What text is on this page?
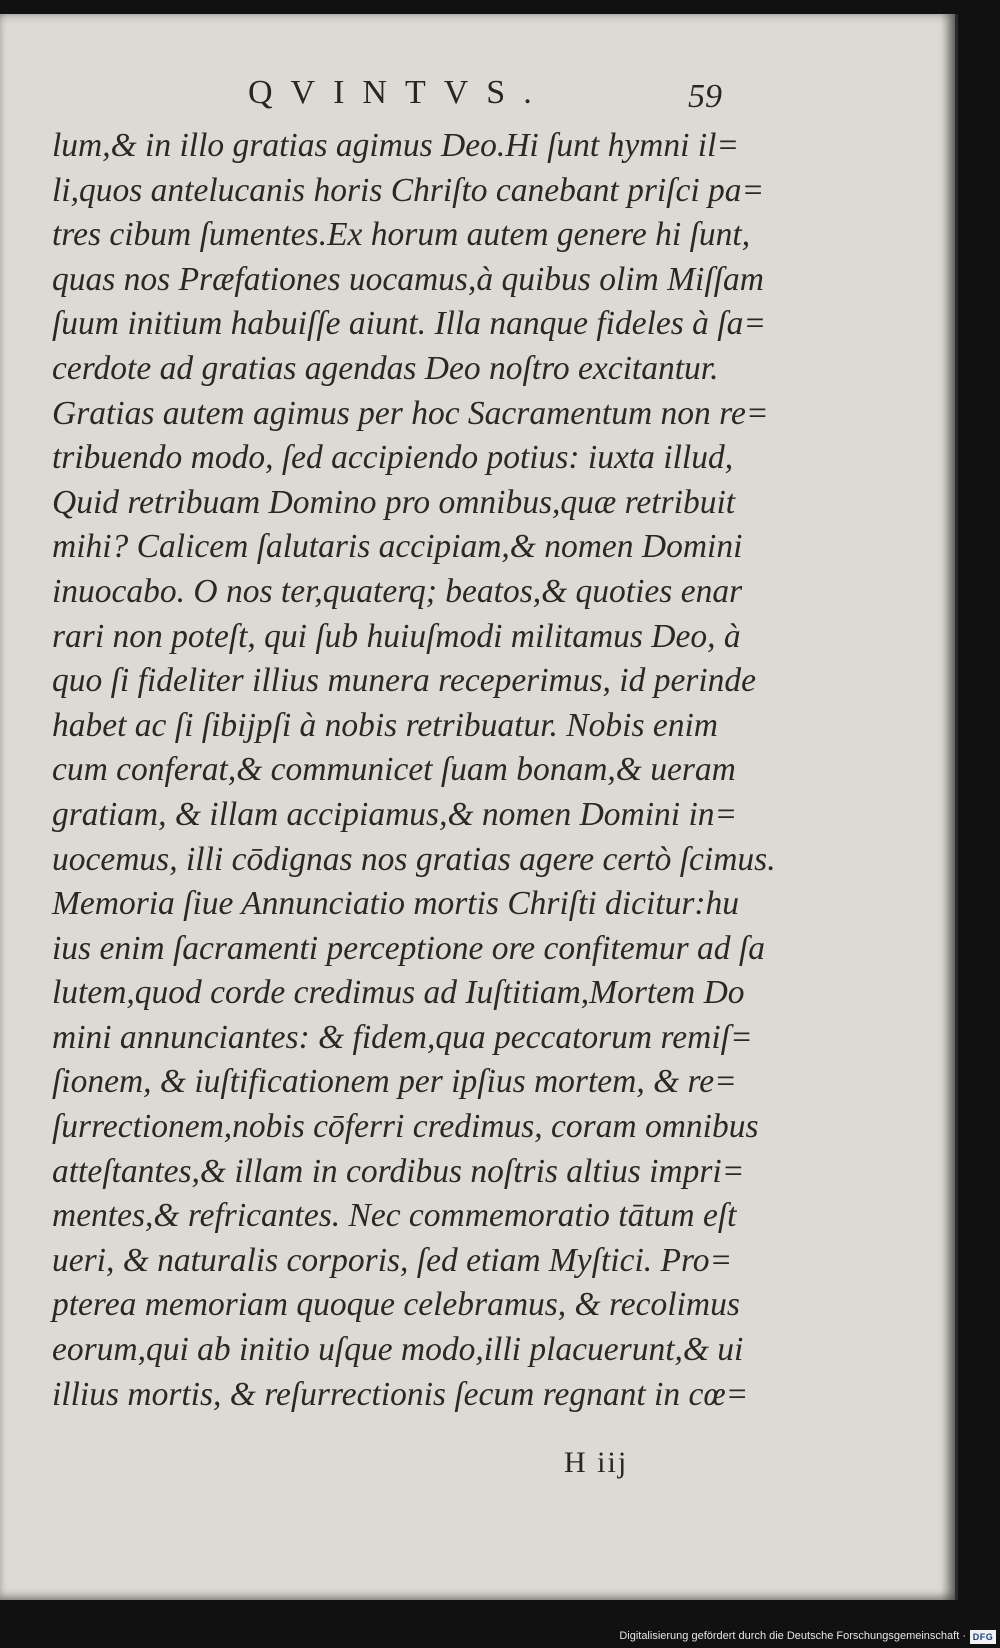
QVINTVS.	59
lum,& in illo gratias agimus Deo.Hi ſunt hymni il=
li,quos antelucanis horis Chriſto canebant priſci pa=
tres cibum ſumentes.Ex horum autem genere hi ſunt,
quas nos Præfationes uocamus,à quibus olim Miſſam
ſuum initium habuiſſe aiunt. Illa nanque fideles à ſa=
cerdote ad gratias agendas Deo noſtro excitantur.
Gratias autem agimus per hoc Sacramentum non re=
tribuendo modo, ſed accipiendo potius: iuxta illud,
Quid retribuam Domino pro omnibus,quæ retribuit
mihi? Calicem ſalutaris accipiam,& nomen Domini
inuocabo. O nos ter,quaterq; beatos,& quoties enar
rari non poteſt, qui ſub huiuſmodi militamus Deo, à
quo ſi fideliter illius munera receperimus, id perinde
habet ac ſi ſibijpſi à nobis retribuatur. Nobis enim
cum conferat,& communicet ſuam bonam,& ueram
gratiam, & illam accipiamus,& nomen Domini in=
uocemus, illi cōdignas nos gratias agere certò ſcimus.
Memoria ſiue Annunciatio mortis Chriſti dicitur:hu
ius enim ſacramenti perceptione ore confitemur ad ſa
lutem,quod corde credimus ad Iuſtitiam,Mortem Do
mini annunciantes: & fidem,qua peccatorum remiſ=
ſionem, & iuſtificationem per ipſius mortem, & re=
ſurrectionem,nobis cōferri credimus, coram omnibus
atteſtantes,& illam in cordibus noſtris altius impri=
mentes,& refricantes. Nec commemoratio tātum eſt
ueri, & naturalis corporis, ſed etiam Myſtici. Pro=
pterea memoriam quoque celebramus, & recolimus
eorum,qui ab initio uſque modo,illi placuerunt,& ui
illius mortis, & reſurrectionis ſecum regnant in cœ=
H iij
Digitalisierung gefördert durch die Deutsche Forschungsgemeinschaft · DFG
